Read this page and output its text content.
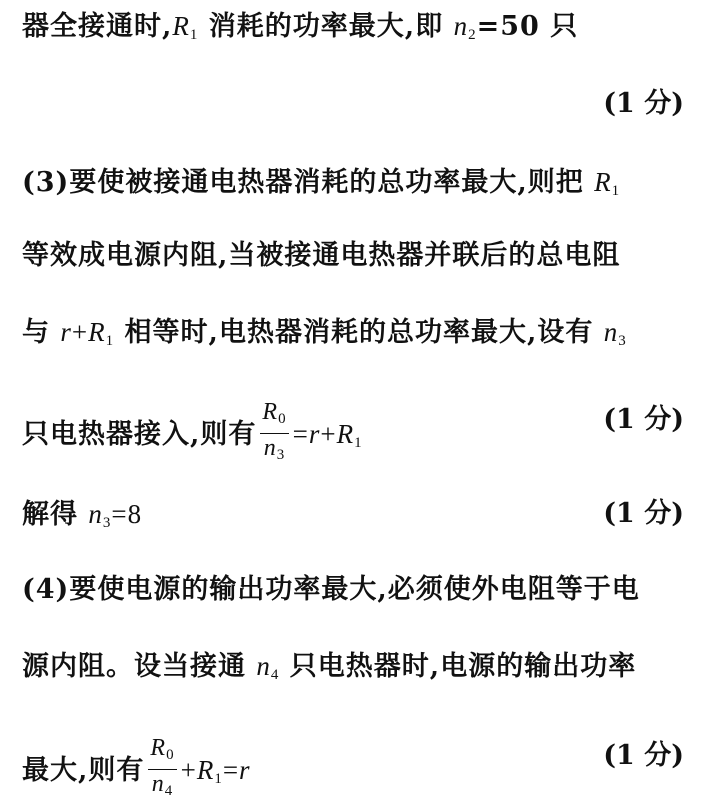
器全接通时$,R_1$ 消耗的功率最大,即 $n_2=50$ 只
(1 分)
(3)要使被接通电热器消耗的总功率最大,则把 $R_1$
等效成电源内阻,当被接通电热器并联后的总电阻
与 $r+R_1$ 相等时,电热器消耗的总功率最大,设有 $n_3$
只电热器接入,则有 $\frac{R_0}{n_3} =r+R_1$
(1 分)
解得 $n_3=8$	(1 分)
(4)要使电源的输出功率最大,必须使外电阻等于电
源内阻。设当接通 $n_4$ 只电热器时,电源的输出功率
最大,则有 $\frac{R_0}{n_4} +R_1=r$	(1 分)
